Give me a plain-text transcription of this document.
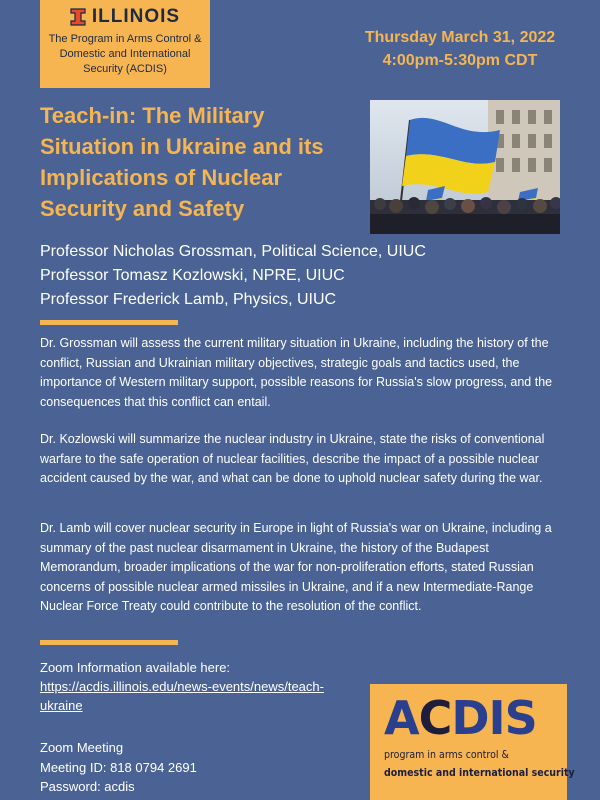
ILLINOIS
The Program in Arms Control & Domestic and International Security (ACDIS)
Thursday March 31, 2022
4:00pm-5:30pm CDT
Teach-in: The Military Situation in Ukraine and its Implications of Nuclear Security and Safety
Professor Nicholas Grossman, Political Science, UIUC
Professor Tomasz Kozlowski, NPRE, UIUC
Professor Frederick Lamb, Physics, UIUC

Dr. Grossman will assess the current military situation in Ukraine, including the history of the conflict, Russian and Ukrainian military objectives, strategic goals and tactics used, the importance of Western military support, possible reasons for Russia's slow progress, and the consequences that this conflict can entail.

Dr. Kozlowski will summarize the nuclear industry in Ukraine, state the risks of conventional warfare to the safe operation of nuclear facilities, describe the impact of a possible nuclear accident caused by the war, and what can be done to uphold nuclear safety during the war.

Dr. Lamb will cover nuclear security in Europe in light of Russia's war on Ukraine, including a summary of the past nuclear disarmament in Ukraine, the history of the Budapest Memorandum, broader implications of the war for non-proliferation efforts, stated Russian concerns of possible nuclear armed missiles in Ukraine, and if a new Intermediate-Range Nuclear Force Treaty could contribute to the resolution of the conflict.

Zoom Information available here:
https://acdis.illinois.edu/news-events/news/teach-ukraine
Zoom Meeting
Meeting ID: 818 0794 2691
Password: acdis
ACDIS
program in arms control &
domestic and international security
